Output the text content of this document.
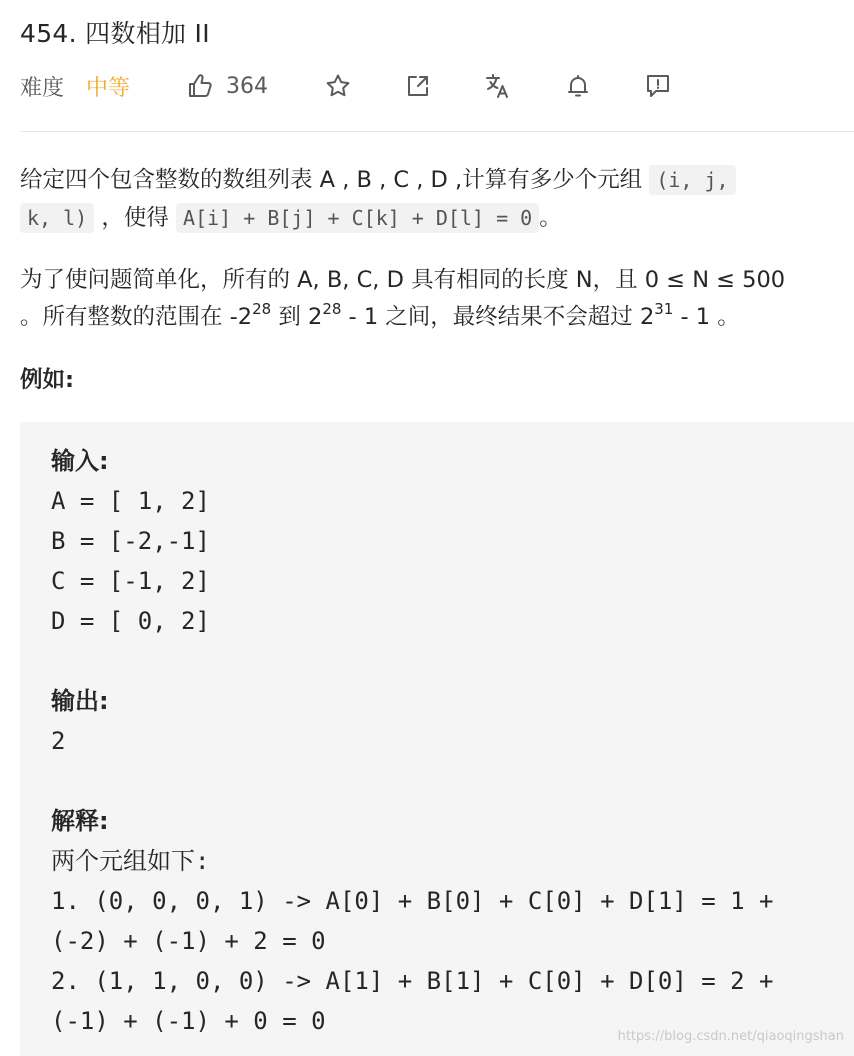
454. 四数相加 II
难度 中等	364
给定四个包含整数的数组列表 A , B , C , D ,计算有多少个元组 (i, j,
k, l) ，使得 A[i] + B[j] + C[k] + D[l] = 0 。
为了使问题简单化，所有的 A, B, C, D 具有相同的长度 N，且 0 ≤ N ≤ 500
。所有整数的范围在 $-2^{28}$ 到 $2^{28} - 1$ 之间，最终结果不会超过 $2^{31} - 1$ 。
例如:
输入:
A = [ 1, 2]
B = [-2,-1]
C = [-1, 2]
D = [ 0, 2]
输出:
2
解释:
两个元组如下:
1. (0, 0, 0, 1) -> A[0] + B[0] + C[0] + D[1] = 1 +
(-2) + (-1) + 2 = 0
2. (1, 1, 0, 0) -> A[1] + B[1] + C[0] + D[0] = 2 +
(-1) + (-1) + 0 = 0
https://blog.csdn.net/qiaoqingshan
